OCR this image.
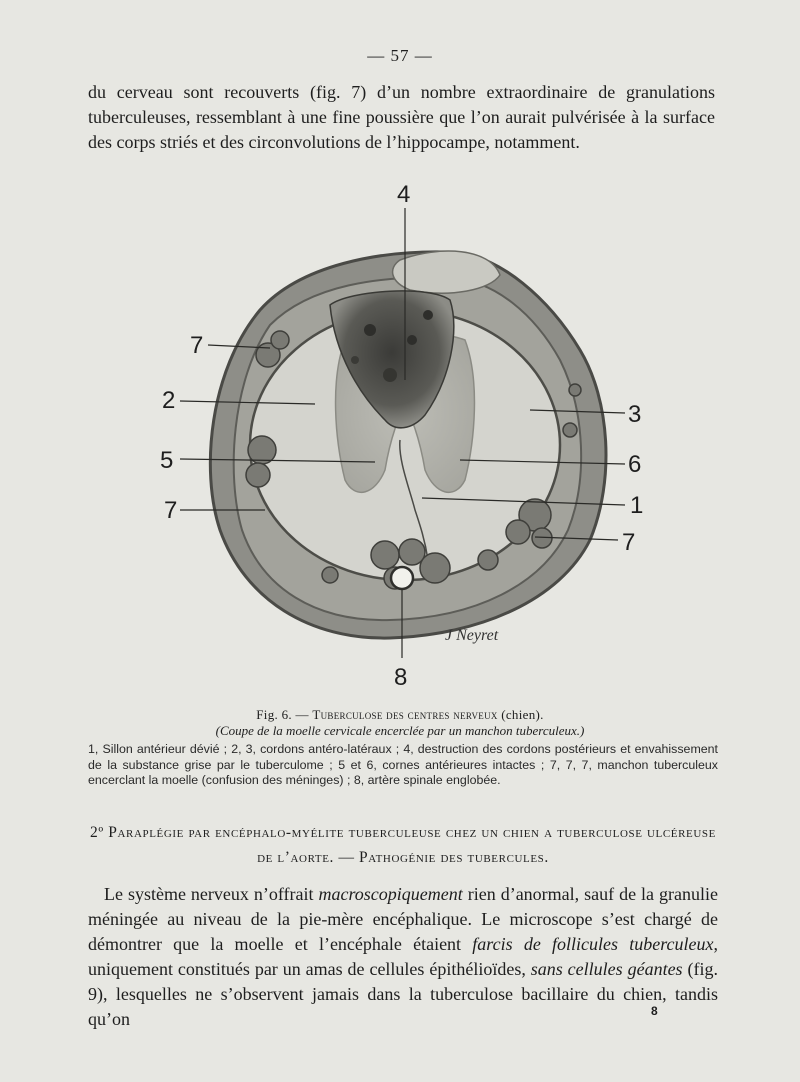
— 57 —

du cerveau sont recouverts (fig. 7) d’un nombre extraordinaire de granulations tuberculeuses, ressemblant à une fine poussière que l’on aurait pulvérisée à la surface des corps striés et des circonvolutions de l’hippocampe, notamment.

4
7
2
5
7
3
6
1
7
8
J Neyret
Fig. 6. — Tuberculose des centres nerveux (chien).
(Coupe de la moelle cervicale encerclée par un manchon tuberculeux.)

1, Sillon antérieur dévié ; 2, 3, cordons antéro-latéraux ; 4, destruction des cordons postérieurs et envahissement de la substance grise par le tuberculome ; 5 et 6, cornes antérieures intactes ; 7, 7, 7, manchon tuberculeux encerclant la moelle (confusion des méninges) ; 8, artère spinale englobée.

2º Paraplégie par encéphalo-myélite tuberculeuse chez un chien a tuberculose ulcéreuse de l’aorte. — Pathogénie des tubercules.

Le système nerveux n’offrait macroscopiquement rien d’anormal, sauf de la granulie méningée au niveau de la pie-mère encéphalique. Le microscope s’est chargé de démontrer que la moelle et l’encéphale étaient farcis de follicules tuberculeux, uniquement constitués par un amas de cellules épithélioïdes, sans cellules géantes (fig. 9), lesquelles ne s’observent jamais dans la tuberculose bacillaire du chien, tandis qu’on	8
